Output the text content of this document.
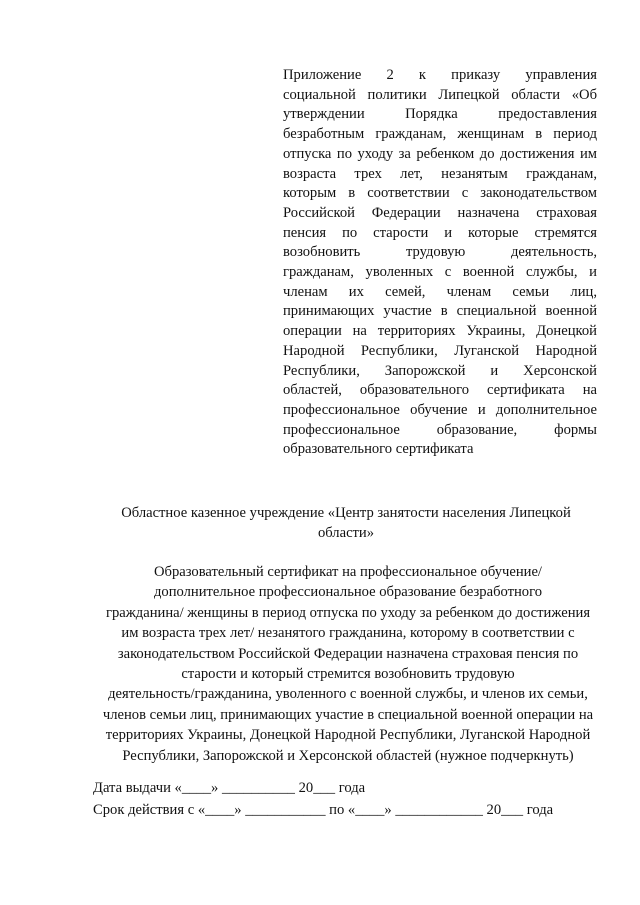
Приложение 2 к приказу управления
социальной политики Липецкой области «Об
утверждении Порядка предоставления
безработным гражданам, женщинам в период
отпуска по уходу за ребенком до достижения им
возраста трех лет, незанятым гражданам,
которым в соответствии с законодательством
Российской Федерации назначена страховая
пенсия по старости и которые стремятся
возобновить трудовую деятельность,
гражданам, уволенных с военной службы, и
членам их семей, членам семьи лиц,
принимающих участие в специальной военной
операции на территориях Украины, Донецкой
Народной Республики, Луганской Народной
Республики, Запорожской и Херсонской
областей, образовательного сертификата на
профессиональное обучение и дополнительное
профессиональное образование, формы
образовательного сертификата
Областное казенное учреждение «Центр занятости населения Липецкой
области»
Образовательный сертификат на профессиональное обучение/
дополнительное профессиональное образование безработного
гражданина/ женщины в период отпуска по уходу за ребенком до достижения
им возраста трех лет/ незанятого гражданина, которому в соответствии с
законодательством Российской Федерации назначена страховая пенсия по
старости и который стремится возобновить трудовую
деятельность/гражданина, уволенного с военной службы, и членов их семьи,
членов семьи лиц, принимающих участие в специальной военной операции на
территориях Украины, Донецкой Народной Республики, Луганской Народной
Республики, Запорожской и Херсонской областей (нужное подчеркнуть)
Дата выдачи «____» __________ 20___ года
Срок действия с «____» ___________ по «____» ____________ 20___ года
